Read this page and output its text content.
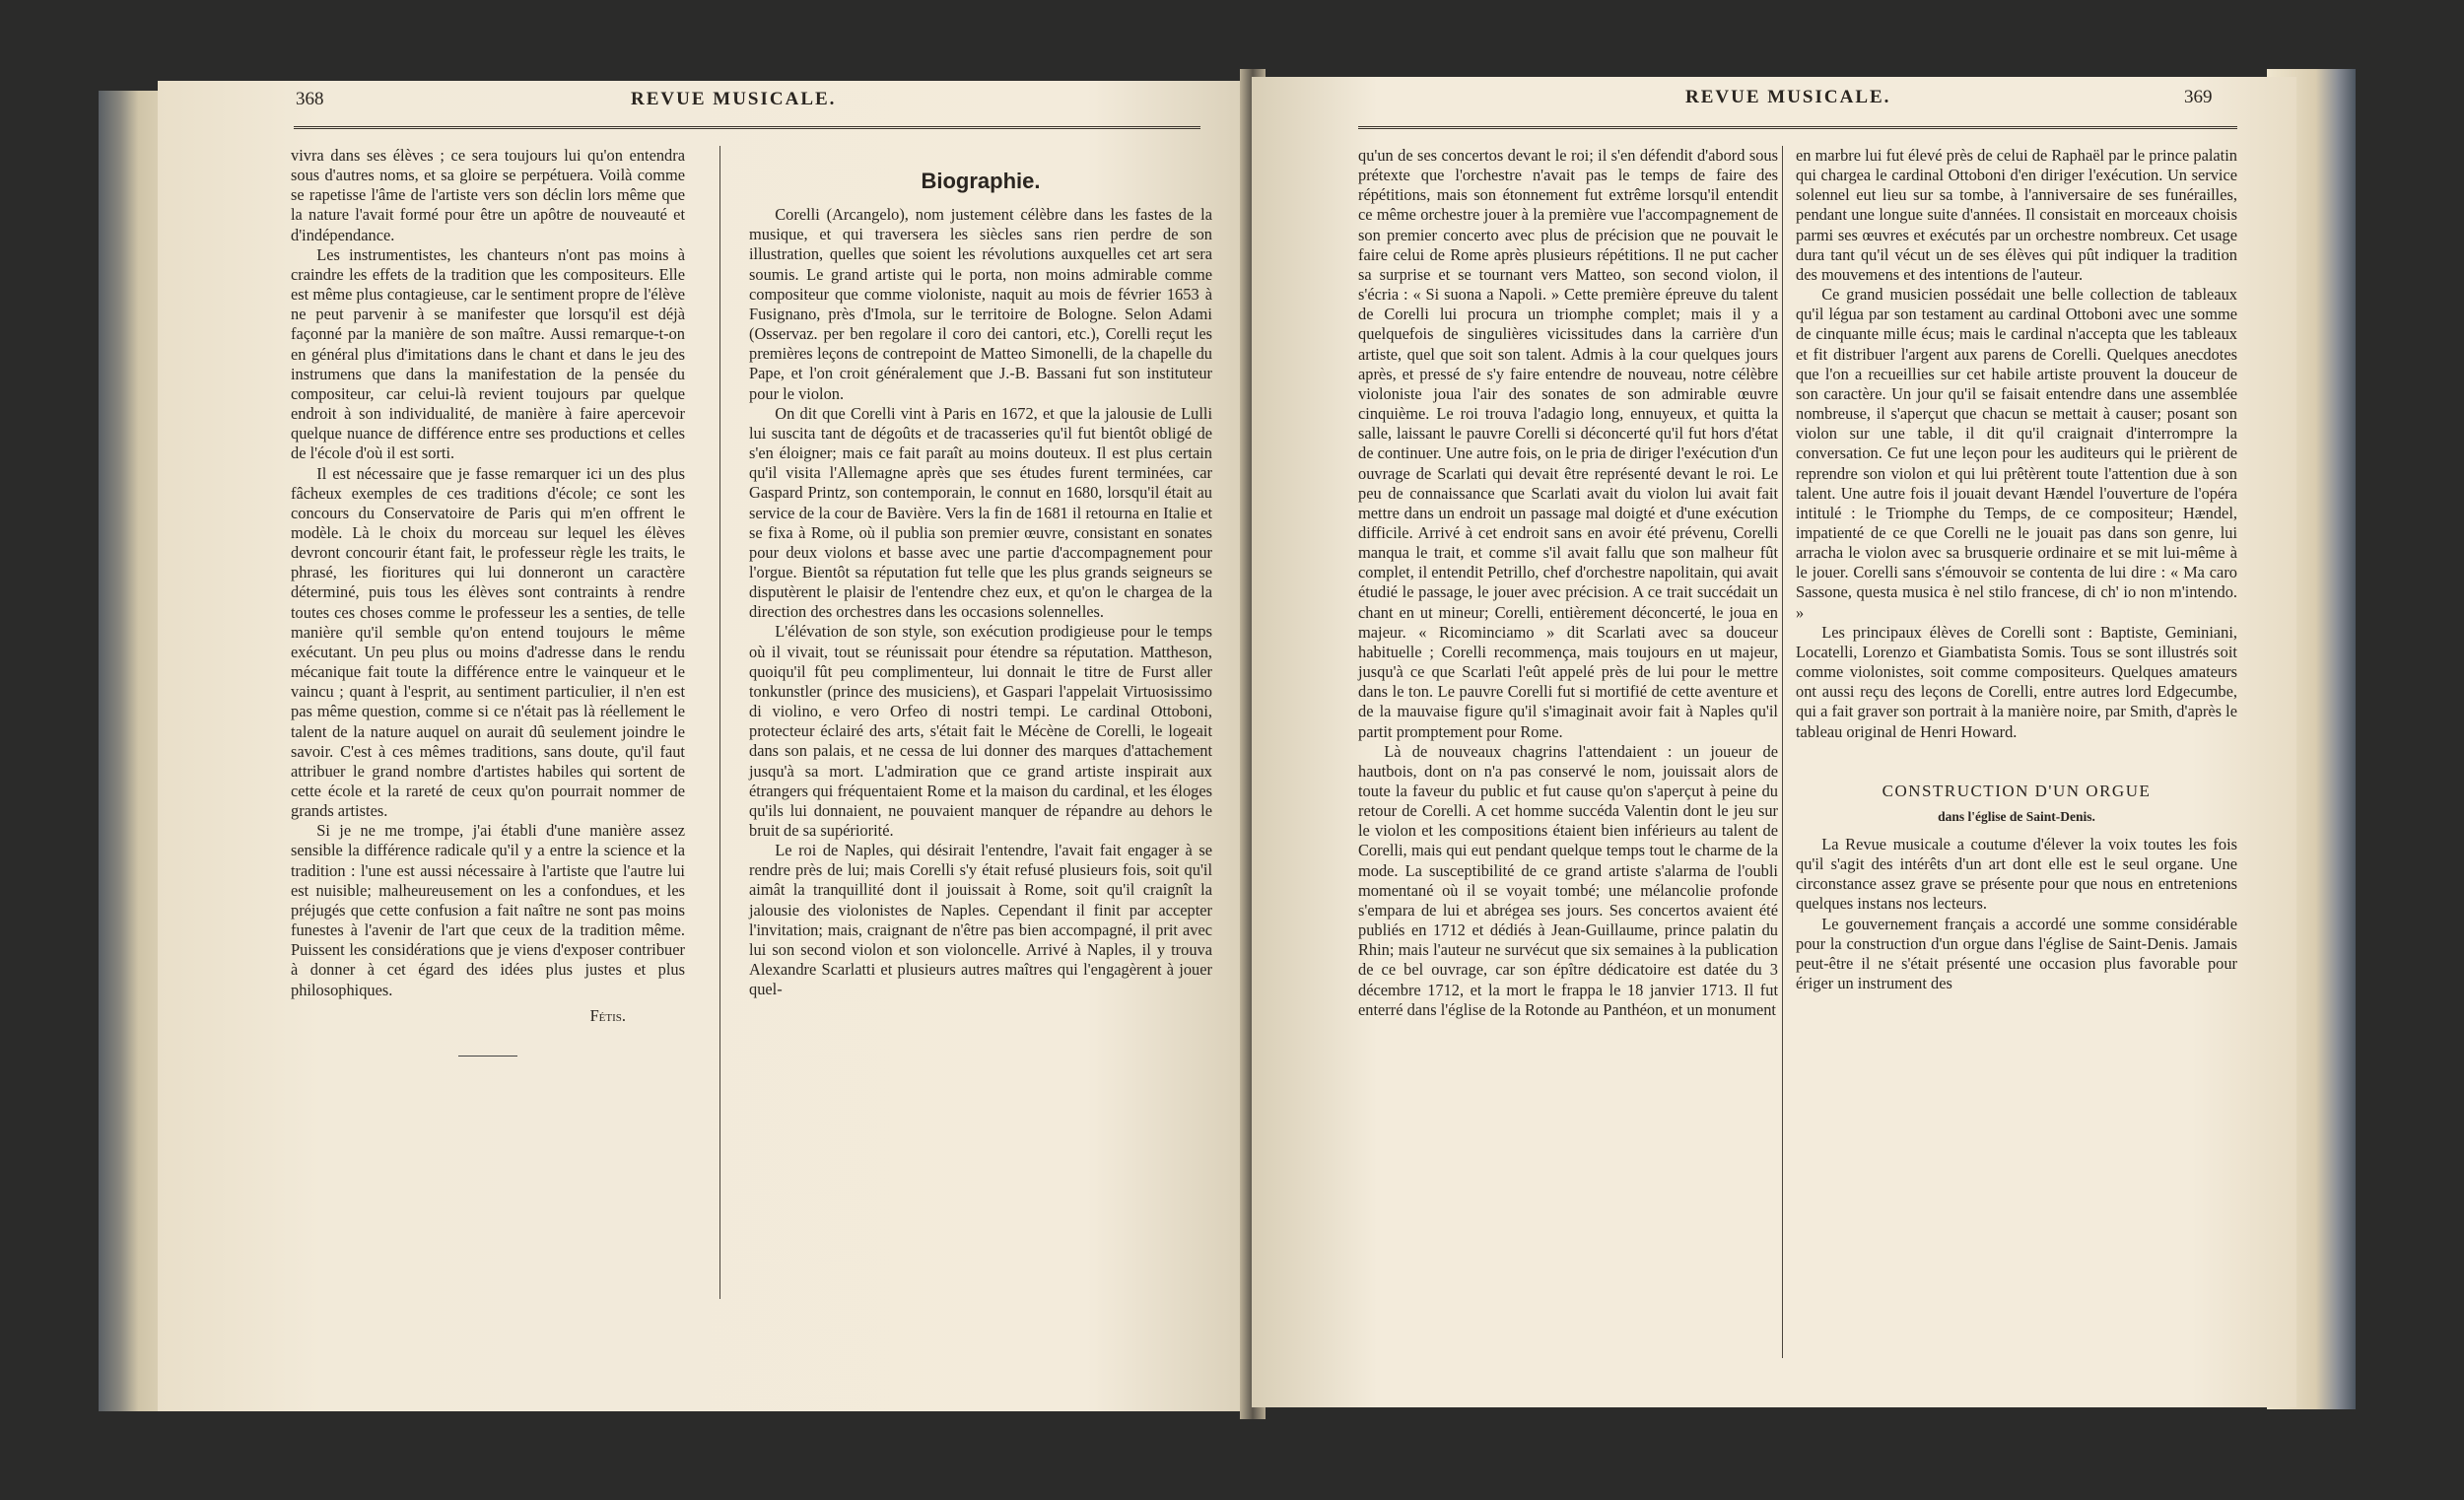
368	REVUE MUSICALE.

vivra dans ses élèves ; ce sera toujours lui qu'on entendra sous d'autres noms, et sa gloire se perpétuera. Voilà comme se rapetisse l'âme de l'artiste vers son déclin lors même que la nature l'avait formé pour être un apôtre de nouveauté et d'indépendance.

Les instrumentistes, les chanteurs n'ont pas moins à craindre les effets de la tradition que les compositeurs. Elle est même plus contagieuse, car le sentiment propre de l'élève ne peut parvenir à se manifester que lorsqu'il est déjà façonné par la manière de son maître. Aussi remarque-t-on en général plus d'imitations dans le chant et dans le jeu des instrumens que dans la manifestation de la pensée du compositeur, car celui-là revient toujours par quelque endroit à son individualité, de manière à faire apercevoir quelque nuance de différence entre ses productions et celles de l'école d'où il est sorti.

Il est nécessaire que je fasse remarquer ici un des plus fâcheux exemples de ces traditions d'école; ce sont les concours du Conservatoire de Paris qui m'en offrent le modèle. Là le choix du morceau sur lequel les élèves devront concourir étant fait, le professeur règle les traits, le phrasé, les fioritures qui lui donneront un caractère déterminé, puis tous les élèves sont contraints à rendre toutes ces choses comme le professeur les a senties, de telle manière qu'il semble qu'on entend toujours le même exécutant. Un peu plus ou moins d'adresse dans le rendu mécanique fait toute la différence entre le vainqueur et le vaincu ; quant à l'esprit, au sentiment particulier, il n'en est pas même question, comme si ce n'était pas là réellement le talent de la nature auquel on aurait dû seulement joindre le savoir. C'est à ces mêmes traditions, sans doute, qu'il faut attribuer le grand nombre d'artistes habiles qui sortent de cette école et la rareté de ceux qu'on pourrait nommer de grands artistes.

Si je ne me trompe, j'ai établi d'une manière assez sensible la différence radicale qu'il y a entre la science et la tradition : l'une est aussi nécessaire à l'artiste que l'autre lui est nuisible; malheureusement on les a confondues, et les préjugés que cette confusion a fait naître ne sont pas moins funestes à l'avenir de l'art que ceux de la tradition même. Puissent les considérations que je viens d'exposer contribuer à donner à cet égard des idées plus justes et plus philosophiques.

Fétis.
Biographie.

Corelli (Arcangelo), nom justement célèbre dans les fastes de la musique, et qui traversera les siècles sans rien perdre de son illustration, quelles que soient les révolutions auxquelles cet art sera soumis. Le grand artiste qui le porta, non moins admirable comme compositeur que comme violoniste, naquit au mois de février 1653 à Fusignano, près d'Imola, sur le territoire de Bologne. Selon Adami (Osservaz. per ben regolare il coro dei cantori, etc.), Corelli reçut les premières leçons de contrepoint de Matteo Simonelli, de la chapelle du Pape, et l'on croit généralement que J.-B. Bassani fut son instituteur pour le violon.

On dit que Corelli vint à Paris en 1672, et que la jalousie de Lulli lui suscita tant de dégoûts et de tracasseries qu'il fut bientôt obligé de s'en éloigner; mais ce fait paraît au moins douteux. Il est plus certain qu'il visita l'Allemagne après que ses études furent terminées, car Gaspard Printz, son contemporain, le connut en 1680, lorsqu'il était au service de la cour de Bavière. Vers la fin de 1681 il retourna en Italie et se fixa à Rome, où il publia son premier œuvre, consistant en sonates pour deux violons et basse avec une partie d'accompagnement pour l'orgue. Bientôt sa réputation fut telle que les plus grands seigneurs se disputèrent le plaisir de l'entendre chez eux, et qu'on le chargea de la direction des orchestres dans les occasions solennelles.

L'élévation de son style, son exécution prodigieuse pour le temps où il vivait, tout se réunissait pour étendre sa réputation. Mattheson, quoiqu'il fût peu complimenteur, lui donnait le titre de Furst aller tonkunstler (prince des musiciens), et Gaspari l'appelait Virtuosissimo di violino, e vero Orfeo di nostri tempi. Le cardinal Ottoboni, protecteur éclairé des arts, s'était fait le Mécène de Corelli, le logeait dans son palais, et ne cessa de lui donner des marques d'attachement jusqu'à sa mort. L'admiration que ce grand artiste inspirait aux étrangers qui fréquentaient Rome et la maison du cardinal, et les éloges qu'ils lui donnaient, ne pouvaient manquer de répandre au dehors le bruit de sa supériorité.

Le roi de Naples, qui désirait l'entendre, l'avait fait engager à se rendre près de lui; mais Corelli s'y était refusé plusieurs fois, soit qu'il aimât la tranquillité dont il jouissait à Rome, soit qu'il craignît la jalousie des violonistes de Naples. Cependant il finit par accepter l'invitation; mais, craignant de n'être pas bien accompagné, il prit avec lui son second violon et son violoncelle. Arrivé à Naples, il y trouva Alexandre Scarlatti et plusieurs autres maîtres qui l'engagèrent à jouer quel-

REVUE MUSICALE.	369

qu'un de ses concertos devant le roi; il s'en défendit d'abord sous prétexte que l'orchestre n'avait pas le temps de faire des répétitions, mais son étonnement fut extrême lorsqu'il entendit ce même orchestre jouer à la première vue l'accompagnement de son premier concerto avec plus de précision que ne pouvait le faire celui de Rome après plusieurs répétitions. Il ne put cacher sa surprise et se tournant vers Matteo, son second violon, il s'écria : « Si suona a Napoli. » Cette première épreuve du talent de Corelli lui procura un triomphe complet; mais il y a quelquefois de singulières vicissitudes dans la carrière d'un artiste, quel que soit son talent. Admis à la cour quelques jours après, et pressé de s'y faire entendre de nouveau, notre célèbre violoniste joua l'air des sonates de son admirable œuvre cinquième. Le roi trouva l'adagio long, ennuyeux, et quitta la salle, laissant le pauvre Corelli si déconcerté qu'il fut hors d'état de continuer. Une autre fois, on le pria de diriger l'exécution d'un ouvrage de Scarlati qui devait être représenté devant le roi. Le peu de connaissance que Scarlati avait du violon lui avait fait mettre dans un endroit un passage mal doigté et d'une exécution difficile. Arrivé à cet endroit sans en avoir été prévenu, Corelli manqua le trait, et comme s'il avait fallu que son malheur fût complet, il entendit Petrillo, chef d'orchestre napolitain, qui avait étudié le passage, le jouer avec précision. A ce trait succédait un chant en ut mineur; Corelli, entièrement déconcerté, le joua en majeur. « Ricominciamo » dit Scarlati avec sa douceur habituelle ; Corelli recommença, mais toujours en ut majeur, jusqu'à ce que Scarlati l'eût appelé près de lui pour le mettre dans le ton. Le pauvre Corelli fut si mortifié de cette aventure et de la mauvaise figure qu'il s'imaginait avoir fait à Naples qu'il partit promptement pour Rome.

Là de nouveaux chagrins l'attendaient : un joueur de hautbois, dont on n'a pas conservé le nom, jouissait alors de toute la faveur du public et fut cause qu'on s'aperçut à peine du retour de Corelli. A cet homme succéda Valentin dont le jeu sur le violon et les compositions étaient bien inférieurs au talent de Corelli, mais qui eut pendant quelque temps tout le charme de la mode. La susceptibilité de ce grand artiste s'alarma de l'oubli momentané où il se voyait tombé; une mélancolie profonde s'empara de lui et abrégea ses jours. Ses concertos avaient été publiés en 1712 et dédiés à Jean-Guillaume, prince palatin du Rhin; mais l'auteur ne survécut que six semaines à la publication de ce bel ouvrage, car son épître dédicatoire est datée du 3 décembre 1712, et la mort le frappa le 18 janvier 1713. Il fut enterré dans l'église de la Rotonde au Panthéon, et un monument

en marbre lui fut élevé près de celui de Raphaël par le prince palatin qui chargea le cardinal Ottoboni d'en diriger l'exécution. Un service solennel eut lieu sur sa tombe, à l'anniversaire de ses funérailles, pendant une longue suite d'années. Il consistait en morceaux choisis parmi ses œuvres et exécutés par un orchestre nombreux. Cet usage dura tant qu'il vécut un de ses élèves qui pût indiquer la tradition des mouvemens et des intentions de l'auteur.

Ce grand musicien possédait une belle collection de tableaux qu'il légua par son testament au cardinal Ottoboni avec une somme de cinquante mille écus; mais le cardinal n'accepta que les tableaux et fit distribuer l'argent aux parens de Corelli. Quelques anecdotes que l'on a recueillies sur cet habile artiste prouvent la douceur de son caractère. Un jour qu'il se faisait entendre dans une assemblée nombreuse, il s'aperçut que chacun se mettait à causer; posant son violon sur une table, il dit qu'il craignait d'interrompre la conversation. Ce fut une leçon pour les auditeurs qui le prièrent de reprendre son violon et qui lui prêtèrent toute l'attention due à son talent. Une autre fois il jouait devant Hændel l'ouverture de l'opéra intitulé : le Triomphe du Temps, de ce compositeur; Hændel, impatienté de ce que Corelli ne le jouait pas dans son genre, lui arracha le violon avec sa brusquerie ordinaire et se mit lui-même à le jouer. Corelli sans s'émouvoir se contenta de lui dire : « Ma caro Sassone, questa musica è nel stilo francese, di ch' io non m'intendo. »

Les principaux élèves de Corelli sont : Baptiste, Geminiani, Locatelli, Lorenzo et Giambatista Somis. Tous se sont illustrés soit comme violonistes, soit comme compositeurs. Quelques amateurs ont aussi reçu des leçons de Corelli, entre autres lord Edgecumbe, qui a fait graver son portrait à la manière noire, par Smith, d'après le tableau original de Henri Howard.

CONSTRUCTION D'UN ORGUE
dans l'église de Saint-Denis.

La Revue musicale a coutume d'élever la voix toutes les fois qu'il s'agit des intérêts d'un art dont elle est le seul organe. Une circonstance assez grave se présente pour que nous en entretenions quelques instans nos lecteurs.

Le gouvernement français a accordé une somme considérable pour la construction d'un orgue dans l'église de Saint-Denis. Jamais peut-être il ne s'était présenté une occasion plus favorable pour ériger un instrument des
